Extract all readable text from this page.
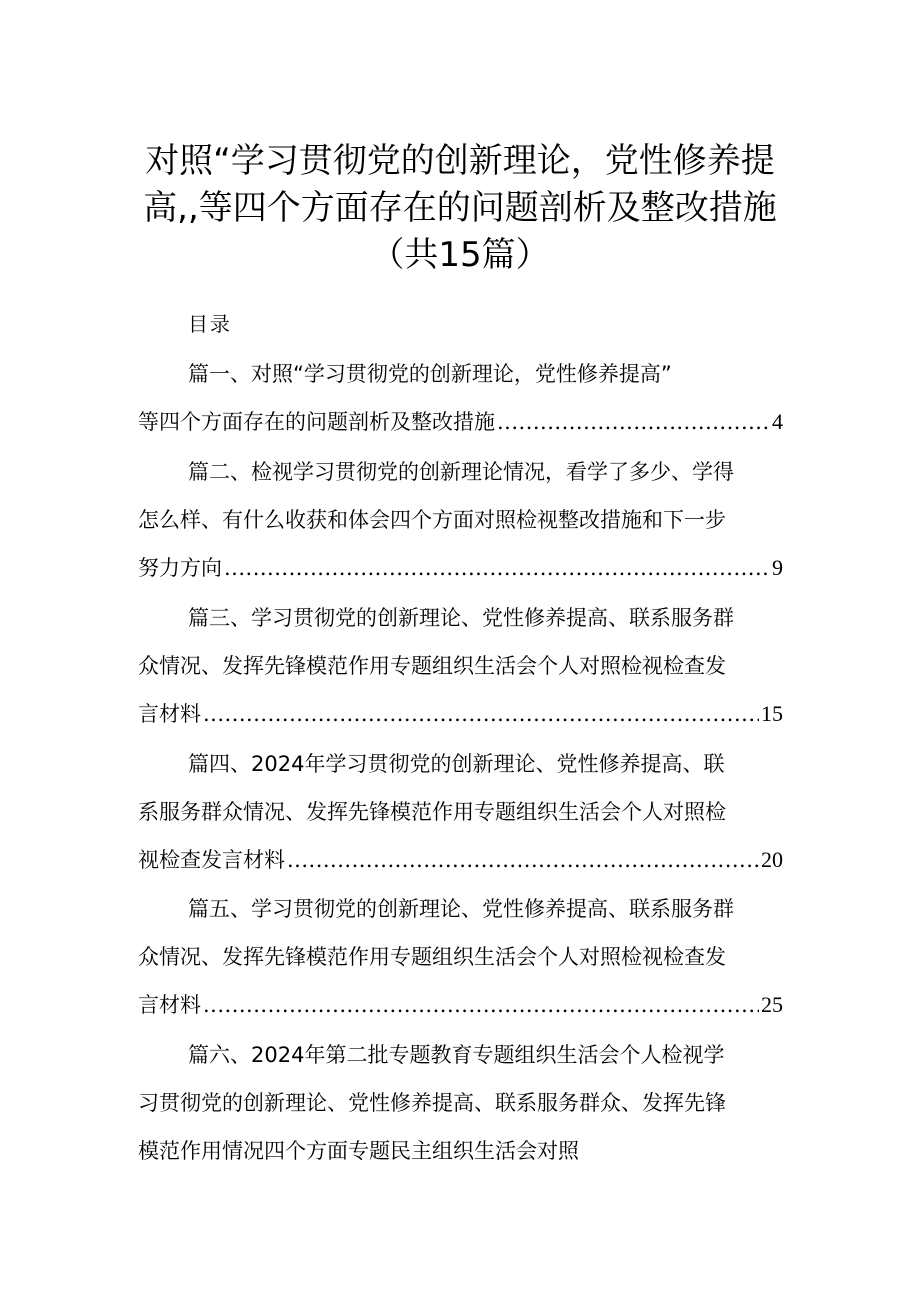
对照“学习贯彻党的创新理论，党性修养提
高,,等四个方面存在的问题剖析及整改措施
（共15篇）
目录
篇一、对照“学习贯彻党的创新理论，党性修养提高”
等四个方面存在的问题剖析及整改措施 .....	4
篇二、检视学习贯彻党的创新理论情况，看学了多少、学得
怎么样、有什么收获和体会四个方面对照检视整改措施和下一步
努力方向 .....	9
篇三、学习贯彻党的创新理论、党性修养提高、联系服务群
众情况、发挥先锋模范作用专题组织生活会个人对照检视检查发
言材料 .....	15
篇四、2024年学习贯彻党的创新理论、党性修养提高、联
系服务群众情况、发挥先锋模范作用专题组织生活会个人对照检
视检查发言材料 .....	20
篇五、学习贯彻党的创新理论、党性修养提高、联系服务群
众情况、发挥先锋模范作用专题组织生活会个人对照检视检查发
言材料 .....	25
篇六、2024年第二批专题教育专题组织生活会个人检视学
习贯彻党的创新理论、党性修养提高、联系服务群众、发挥先锋
模范作用情况四个方面专题民主组织生活会对照
